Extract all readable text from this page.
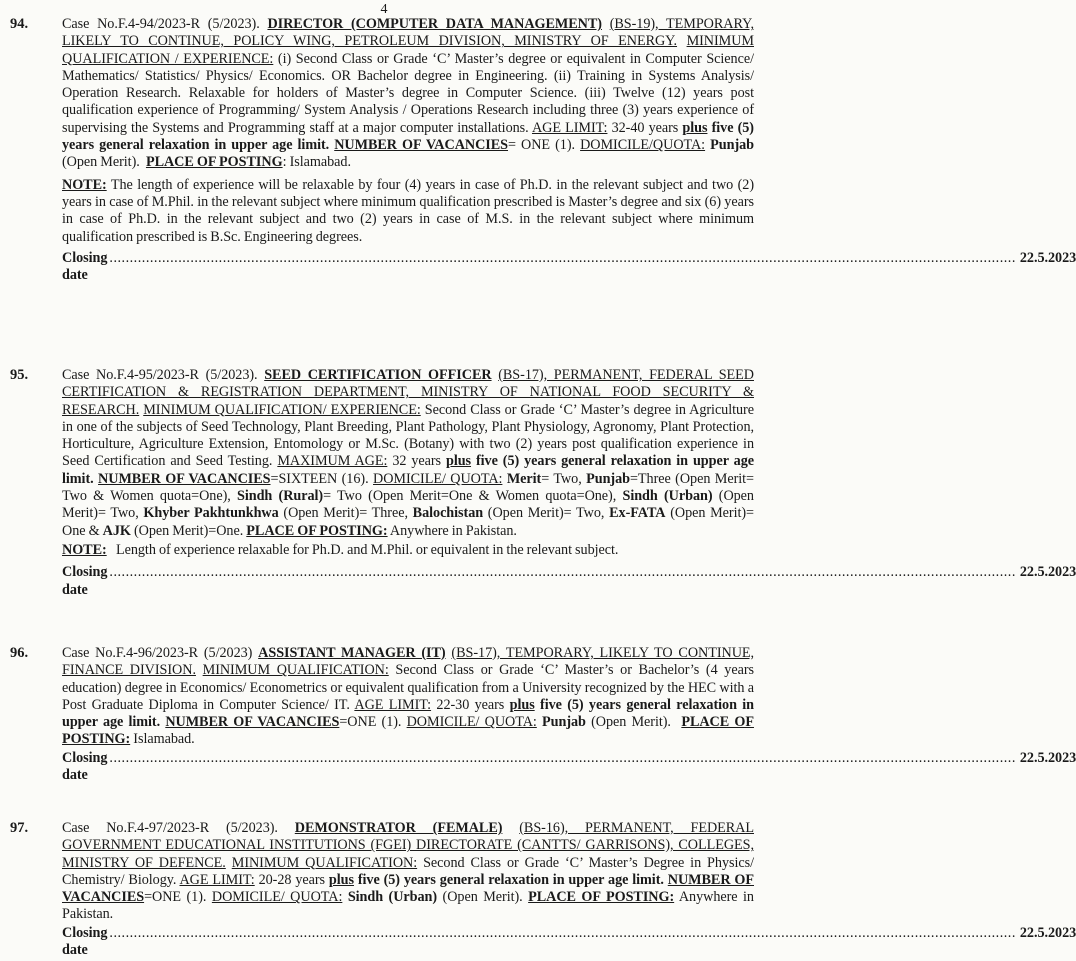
4
94.	Case No.F.4-94/2023-R (5/2023). DIRECTOR (COMPUTER DATA MANAGEMENT) (BS-19), TEMPORARY, LIKELY TO CONTINUE, POLICY WING, PETROLEUM DIVISION, MINISTRY OF ENERGY. MINIMUM QUALIFICATION / EXPERIENCE: (i) Second Class or Grade ‘C’ Master’s degree or equivalent in Computer Science/ Mathematics/ Statistics/ Physics/ Economics. OR Bachelor degree in Engineering. (ii) Training in Systems Analysis/ Operation Research. Relaxable for holders of Master’s degree in Computer Science. (iii) Twelve (12) years post qualification experience of Programming/ System Analysis / Operations Research including three (3) years experience of supervising the Systems and Programming staff at a major computer installations. AGE LIMIT: 32-40 years plus five (5) years general relaxation in upper age limit. NUMBER OF VACANCIES= ONE (1). DOMICILE/QUOTA: Punjab (Open Merit). PLACE OF POSTING: Islamabad.

NOTE: The length of experience will be relaxable by four (4) years in case of Ph.D. in the relevant subject and two (2) years in case of M.Phil. in the relevant subject where minimum qualification prescribed is Master’s degree and six (6) years in case of Ph.D. in the relevant subject and two (2) years in case of M.S. in the relevant subject where minimum qualification prescribed is B.Sc. Engineering degrees.

Closing date
................................................................................................................................................................................................................................ 22.5.2023
95.	Case No.F.4-95/2023-R (5/2023). SEED CERTIFICATION OFFICER (BS-17), PERMANENT, FEDERAL SEED CERTIFICATION & REGISTRATION DEPARTMENT, MINISTRY OF NATIONAL FOOD SECURITY & RESEARCH. MINIMUM QUALIFICATION/ EXPERIENCE: Second Class or Grade ‘C’ Master’s degree in Agriculture in one of the subjects of Seed Technology, Plant Breeding, Plant Pathology, Plant Physiology, Agronomy, Plant Protection, Horticulture, Agriculture Extension, Entomology or M.Sc. (Botany) with two (2) years post qualification experience in Seed Certification and Seed Testing. MAXIMUM AGE: 32 years plus five (5) years general relaxation in upper age limit. NUMBER OF VACANCIES=SIXTEEN (16). DOMICILE/ QUOTA: Merit= Two, Punjab=Three (Open Merit= Two & Women quota=One), Sindh (Rural)= Two (Open Merit=One & Women quota=One), Sindh (Urban) (Open Merit)= Two, Khyber Pakhtunkhwa (Open Merit)= Three, Balochistan (Open Merit)= Two, Ex-FATA (Open Merit)= One & AJK (Open Merit)=One. PLACE OF POSTING: Anywhere in Pakistan.

NOTE: Length of experience relaxable for Ph.D. and M.Phil. or equivalent in the relevant subject.

Closing date
................................................................................................................................................................................................................................ 22.5.2023
96.	Case No.F.4-96/2023-R (5/2023) ASSISTANT MANAGER (IT) (BS-17), TEMPORARY, LIKELY TO CONTINUE, FINANCE DIVISION. MINIMUM QUALIFICATION: Second Class or Grade ‘C’ Master’s or Bachelor’s (4 years education) degree in Economics/ Econometrics or equivalent qualification from a University recognized by the HEC with a Post Graduate Diploma in Computer Science/ IT. AGE LIMIT: 22-30 years plus five (5) years general relaxation in upper age limit. NUMBER OF VACANCIES=ONE (1). DOMICILE/ QUOTA: Punjab (Open Merit). PLACE OF POSTING: Islamabad.

Closing date
................................................................................................................................................................................................................................ 22.5.2023
97.	Case No.F.4-97/2023-R (5/2023). DEMONSTRATOR (FEMALE) (BS-16), PERMANENT, FEDERAL GOVERNMENT EDUCATIONAL INSTITUTIONS (FGEI) DIRECTORATE (CANTTS/ GARRISONS), COLLEGES, MINISTRY OF DEFENCE. MINIMUM QUALIFICATION: Second Class or Grade ‘C’ Master’s Degree in Physics/ Chemistry/ Biology. AGE LIMIT: 20-28 years plus five (5) years general relaxation in upper age limit. NUMBER OF VACANCIES=ONE (1). DOMICILE/ QUOTA: Sindh (Urban) (Open Merit). PLACE OF POSTING: Anywhere in Pakistan.

Closing date
................................................................................................................................................................................................................................ 22.5.2023
